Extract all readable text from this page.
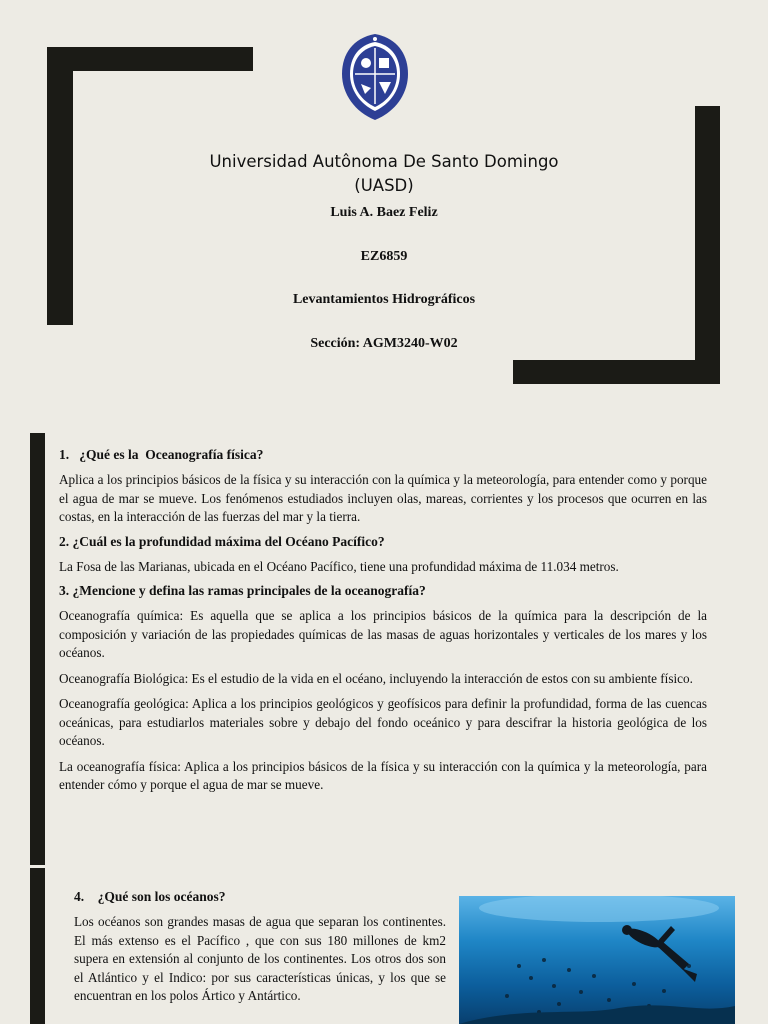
Universidad Autônoma De Santo Domingo
(UASD)
Luis A. Baez Feliz
EZ6859
Levantamientos Hidrográficos
Sección: AGM3240-W02
1.   ¿Qué es la  Oceanografía física?

Aplica a los principios básicos de la física y su interacción con la química y la meteorología, para entender como y porque el agua de mar se mueve. Los fenómenos estudiados incluyen olas, mareas, corrientes y los procesos que ocurren en las costas, en la interacción de las fuerzas del mar y la tierra.

2. ¿Cuál es la profundidad máxima del Océano Pacífico?

La Fosa de las Marianas, ubicada en el Océano Pacífico, tiene una profundidad máxima de 11.034 metros.

3. ¿Mencione y defina las ramas principales de la oceanografía?

Oceanografía química: Es aquella que se aplica a los principios básicos de la química para la descripción de la composición y variación de las propiedades químicas de las masas de aguas horizontales y verticales de los mares y los océanos.

Oceanografía Biológica: Es el estudio de la vida en el océano, incluyendo la interacción de estos con su ambiente físico.

Oceanografía geológica: Aplica a los principios geológicos y geofísicos para definir la profundidad, forma de las cuencas oceánicas, para estudiarlos materiales sobre y debajo del fondo oceánico y para descifrar la historia geológica de los océanos.

La oceanografía física: Aplica a los principios básicos de la física y su interacción con la química y la meteorología, para entender cómo y porque el agua de mar se mueve.

4.    ¿Qué son los océanos?

Los océanos son grandes masas de agua que separan los continentes. El más extenso es el Pacífico , que con sus 180 millones de km2 supera en extensión al conjunto de los continentes. Los otros dos son el Atlántico y el Indico: por sus características únicas, y los que se encuentran en los polos Ártico y Antártico.
